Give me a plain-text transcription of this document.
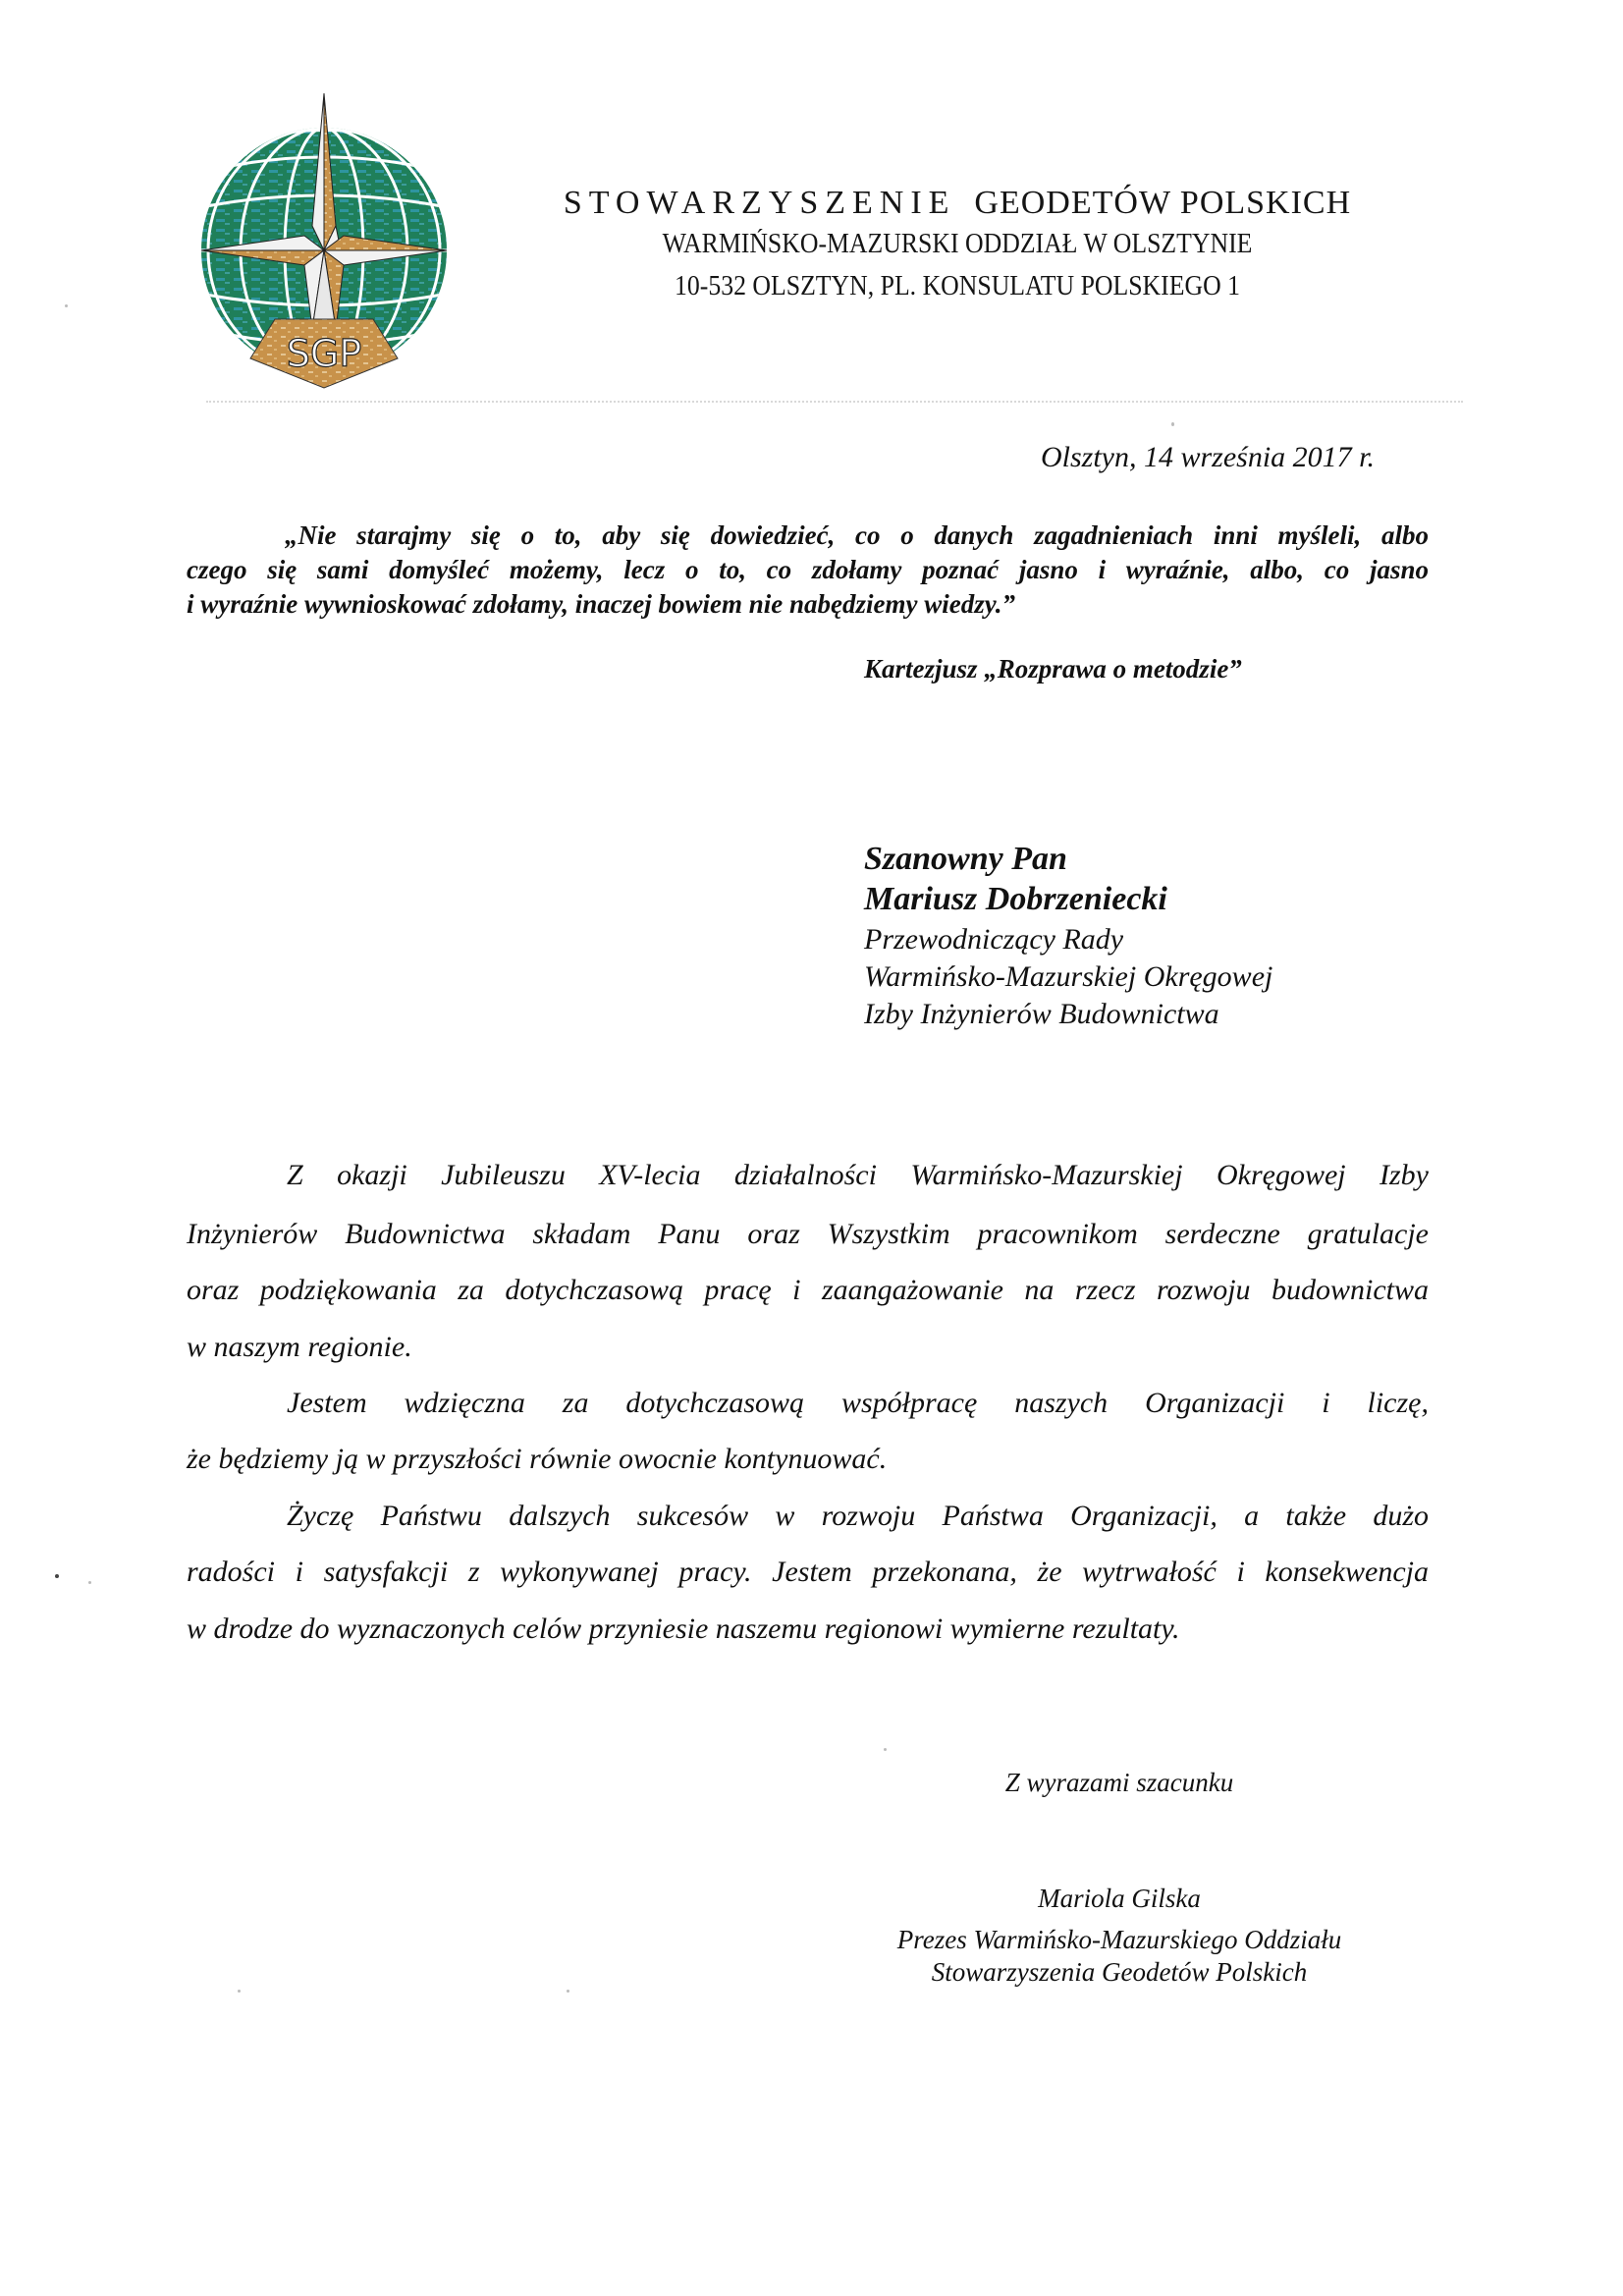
SGP
STOWARZYSZENIE GEODETÓW POLSKICH
WARMIŃSKO-MAZURSKI ODDZIAŁ W OLSZTYNIE
10-532 OLSZTYN, PL. KONSULATU POLSKIEGO 1
Olsztyn, 14 września 2017 r.
„Nie starajmy się o to, aby się dowiedzieć, co o danych zagadnieniach inni myśleli, albo
czego się sami domyśleć możemy, lecz o to, co zdołamy poznać jasno i wyraźnie, albo, co jasno
i wyraźnie wywnioskować zdołamy, inaczej bowiem nie nabędziemy wiedzy.”
Kartezjusz „Rozprawa o metodzie”
Szanowny Pan
Mariusz Dobrzeniecki
Przewodniczący Rady
Warmińsko-Mazurskiej Okręgowej
Izby Inżynierów Budownictwa
Z okazji Jubileuszu XV-lecia działalności Warmińsko-Mazurskiej Okręgowej Izby
Inżynierów Budownictwa składam Panu oraz Wszystkim pracownikom serdeczne gratulacje
oraz podziękowania za dotychczasową pracę i zaangażowanie na rzecz rozwoju budownictwa
w naszym regionie.
Jestem wdzięczna za dotychczasową współpracę naszych Organizacji i liczę,
że będziemy ją w przyszłości równie owocnie kontynuować.
Życzę Państwu dalszych sukcesów w rozwoju Państwa Organizacji, a także dużo
radości i satysfakcji z wykonywanej pracy. Jestem przekonana, że wytrwałość i konsekwencja
w drodze do wyznaczonych celów przyniesie naszemu regionowi wymierne rezultaty.
Z wyrazami szacunku
Mariola Gilska
Prezes Warmińsko-Mazurskiego Oddziału
Stowarzyszenia Geodetów Polskich
